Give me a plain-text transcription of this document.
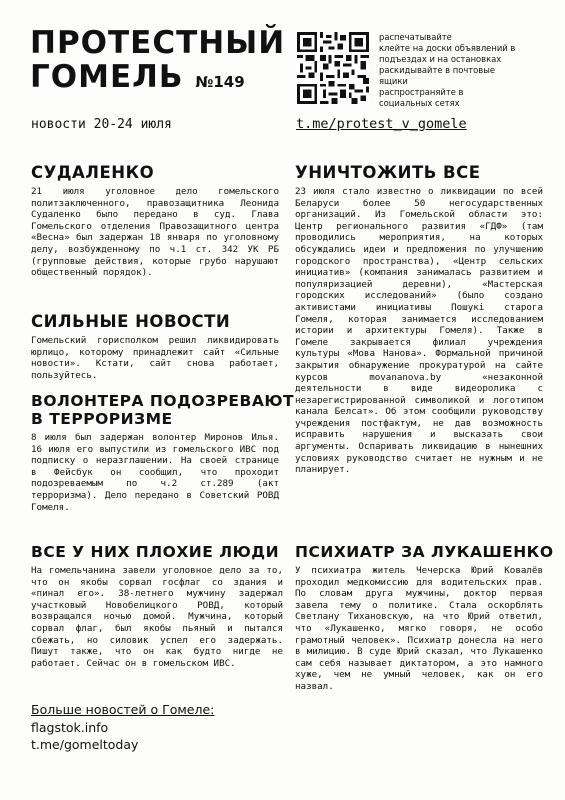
ПРОТЕСТНЫЙ
ГОМЕЛЬ №149
новости 20-24 июля
распечатывайте
клейте на доски объявлений в
подъездах и на остановках
раскидывайте в почтовые
ящики
распространяйте в
социальных сетях
t.me/protest_v_gomele
СУДАЛЕНКО
21 июля уголовное дело гомельского политзаключенного, правозащитника Леонида Судаленко было передано в суд. Глава Гомельского отделения Правозащитного центра «Весна» был задержан 18 января по уголовному делу, возбужденному по ч.1 ст. 342 УК РБ (групповые действия, которые грубо нарушают общественный порядок).
СИЛЬНЫЕ НОВОСТИ
Гомельский горисполком решил ликвидировать юрлицо, которому принадлежит сайт «Сильные новости». Кстати, сайт снова работает, пользуйтесь.
ВОЛОНТЕРА ПОДОЗРЕВАЮТ
В ТЕРРОРИЗМЕ
8 июля был задержан волонтер Миронов Илья. 16 июля его выпустили из гомельского ИВС под подписку о неразглашении. На своей странице в Фейсбук он сообщил, что проходит подозреваемым по ч.2 ст.289 (акт терроризма). Дело передано в Советский РОВД Гомеля.
УНИЧТОЖИТЬ ВСЕ
23 июля стало известно о ликвидации по всей Беларуси более 50 негосударственных организаций. Из Гомельской области это: Центр регионального развития «ГДФ» (там проводились мероприятия, на которых обсуждались идеи и предложения по улучшению городского пространства), «Центр сельских инициатив» (компания занималась развитием и популяризацией деревни), «Мастерская городских исследований» (было создано активистами инициативы Пошукі старога Гомеля, которая занимается исследованием истории и архитектуры Гомеля). Также в Гомеле закрывается филиал учреждения культуры «Мова Нанова». Формальной причиной закрытия обнаружение прокуратурой на сайте курсов movananova.by «незаконной деятельности в виде видеоролика с незарегистрированной символикой и логотипом канала Белсат». Об этом сообщили руководству учреждения постфактум, не дав возможность исправить нарушения и высказать свои аргументы. Оспаривать ликвидацию в нынешних условиях руководство считает не нужным и не планирует.
ВСЕ У НИХ ПЛОХИЕ ЛЮДИ
На гомельчанина завели уголовное дело за то, что он якобы сорвал госфлаг со здания и «пинал его». 38-летнего мужчину задержал участковый Новобелицкого РОВД, который возвращался ночью домой. Мужчина, который сорвал флаг, был якобы пьяный и пытался сбежать, но силовик успел его задержать. Пишут также, что он как будто нигде не работает. Сейчас он в гомельском ИВС.
ПСИХИАТР ЗА ЛУКАШЕНКО
У психиатра житель Чечерска Юрий Ковалёв проходил медкомиссию для водительских прав. По словам друга мужчины, доктор первая завела тему о политике. Стала оскорблять Светлану Тихановскую, на что Юрий ответил, что «Лукашенко, мягко говоря, не особо грамотный человек». Психиатр донесла на него в милицию. В суде Юрий сказал, что Лукашенко сам себя называет диктатором, а это намного хуже, чем не умный человек, как он его назвал.
Больше новостей о Гомеле:
flagstok.info
t.me/gomeltoday
